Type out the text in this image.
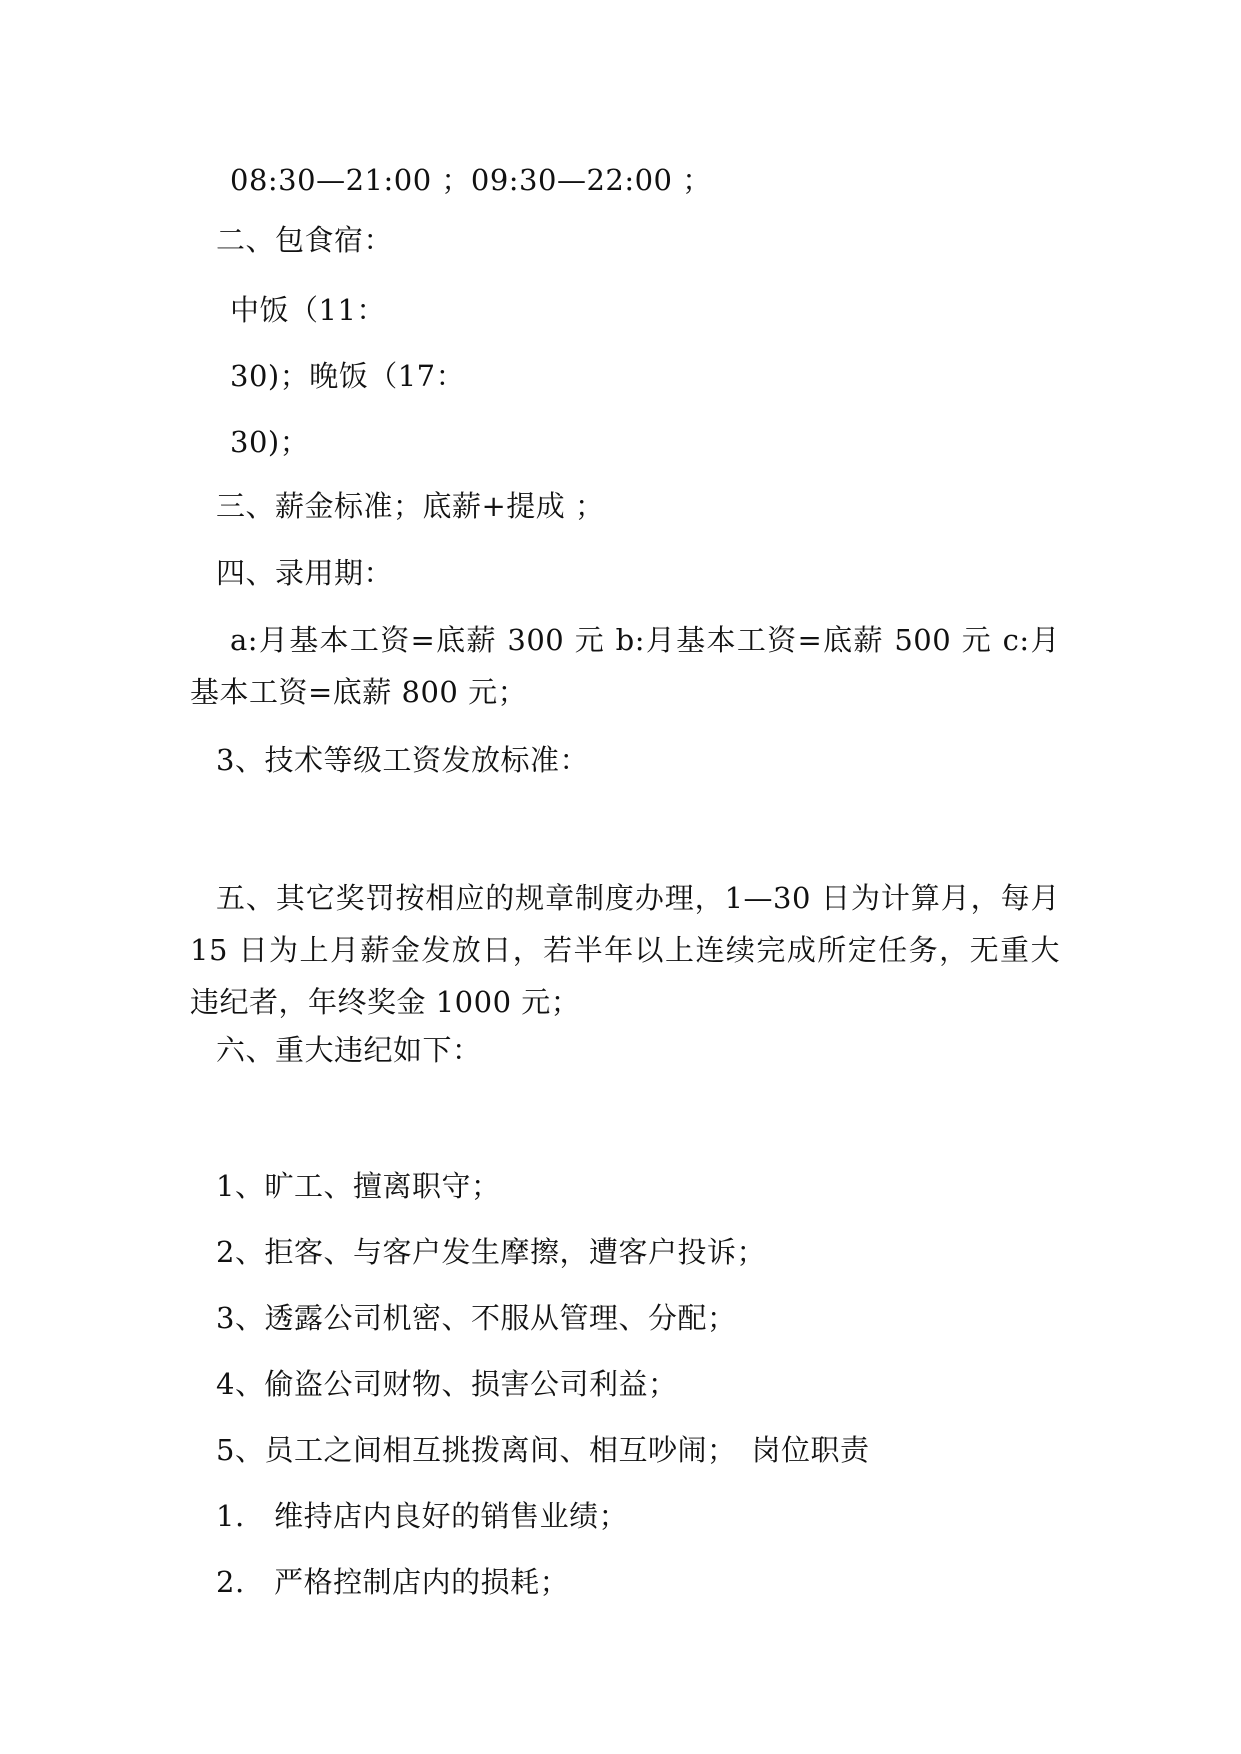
08:30—21:00 ；09:30—22:00 ；
二、包食宿：
中饭（11：
30)；晚饭（17：
30)；
三、薪金标准；底薪+提成 ；
四、录用期：
a:月基本工资=底薪 300 元 b:月基本工资=底薪 500 元 c:月基本工资=底薪 800 元；
3、技术等级工资发放标准：
五、其它奖罚按相应的规章制度办理，1—30 日为计算月，每月 15 日为上月薪金发放日，若半年以上连续完成所定任务，无重大违纪者，年终奖金 1000 元；
六、重大违纪如下：
1、旷工、擅离职守；
2、拒客、与客户发生摩擦，遭客户投诉；
3、透露公司机密、不服从管理、分配；
4、偷盗公司财物、损害公司利益；
5、员工之间相互挑拨离间、相互吵闹；　岗位职责
1.　维持店内良好的销售业绩；
2.　严格控制店内的损耗；
